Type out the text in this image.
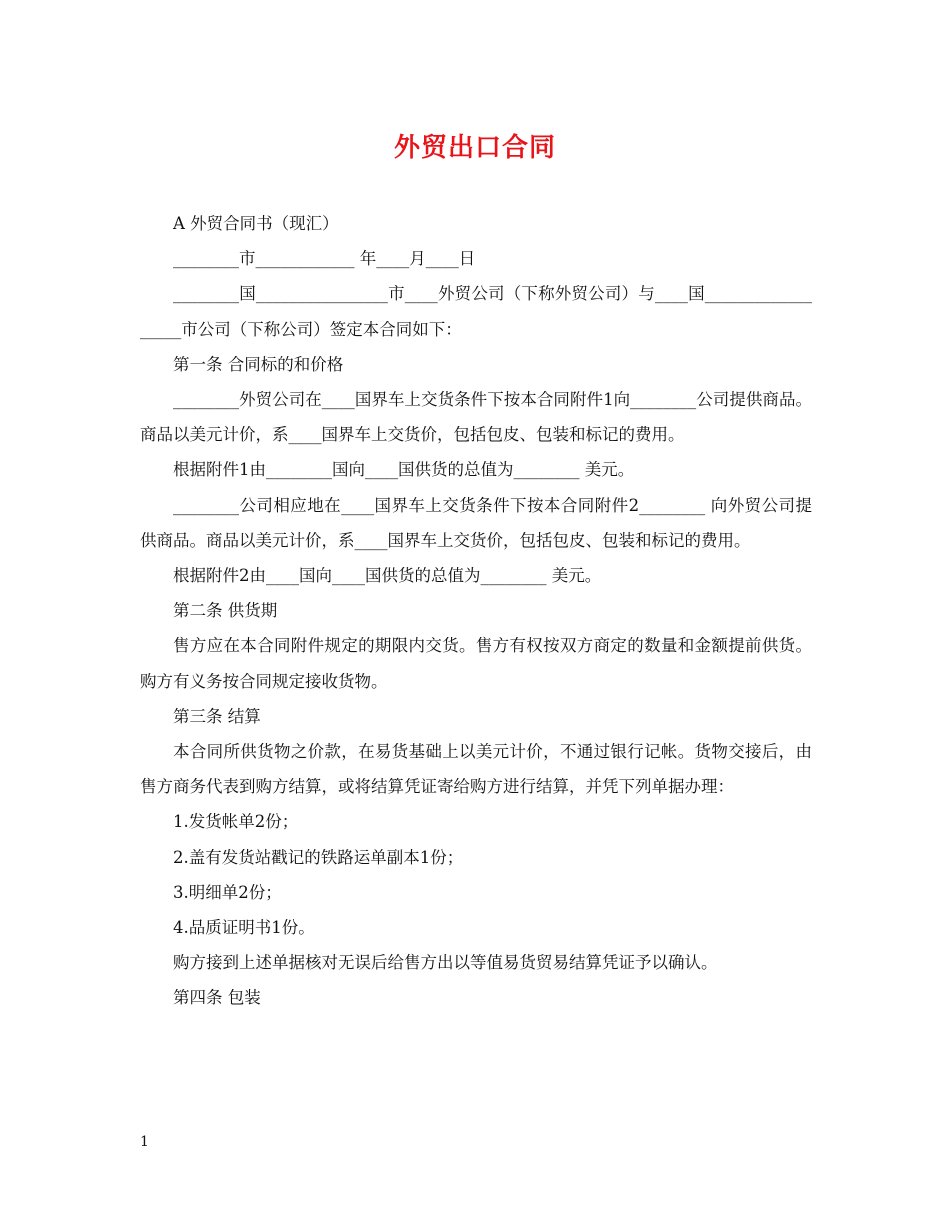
外贸出口合同

A 外贸合同书（现汇）

________市____________ 年____月____日

________国________________市____外贸公司（下称外贸公司）与____国__________________市公司（下称公司）签定本合同如下：

第一条 合同标的和价格

________外贸公司在____国界车上交货条件下按本合同附件1向________公司提供商品。商品以美元计价，系____国界车上交货价，包括包皮、包装和标记的费用。

根据附件1由________国向____国供货的总值为________ 美元。

________公司相应地在____国界车上交货条件下按本合同附件2________ 向外贸公司提供商品。商品以美元计价，系____国界车上交货价，包括包皮、包装和标记的费用。

根据附件2由____国向____国供货的总值为________ 美元。

第二条 供货期

售方应在本合同附件规定的期限内交货。售方有权按双方商定的数量和金额提前供货。购方有义务按合同规定接收货物。

第三条 结算

本合同所供货物之价款，在易货基础上以美元计价，不通过银行记帐。货物交接后，由售方商务代表到购方结算，或将结算凭证寄给购方进行结算，并凭下列单据办理：

1.发货帐单2份；

2.盖有发货站戳记的铁路运单副本1份；

3.明细单2份；

4.品质证明书1份。

购方接到上述单据核对无误后给售方出以等值易货贸易结算凭证予以确认。

第四条 包装

1
